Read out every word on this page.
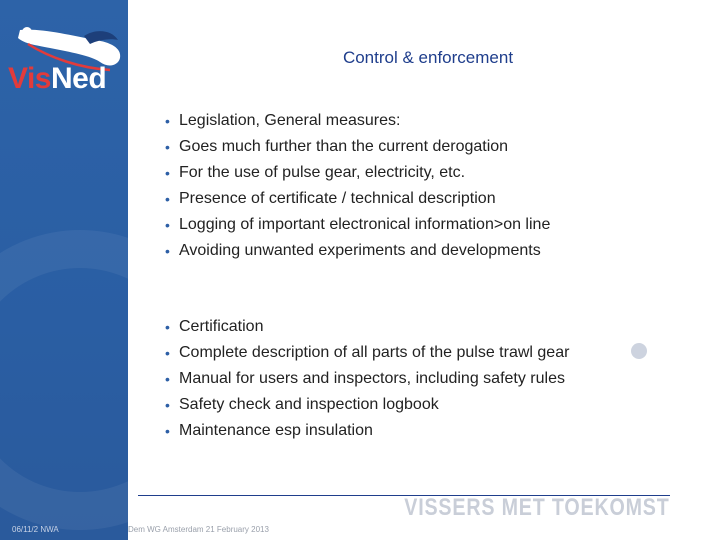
VisNed
Control & enforcement
• Legislation, General measures:
• Goes much further than the current derogation
• For the use of pulse gear, electricity, etc.
• Presence of certificate / technical description
• Logging of important electronical information>on line
• Avoiding unwanted experiments and developments
• Certification
• Complete description of all parts of the pulse trawl gear
• Manual for users and inspectors, including safety rules
• Safety check and inspection logbook
• Maintenance esp insulation
VISSERS MET TOEKOMST
06/11/2 NWA	Dem WG Amsterdam 21 February 2013
